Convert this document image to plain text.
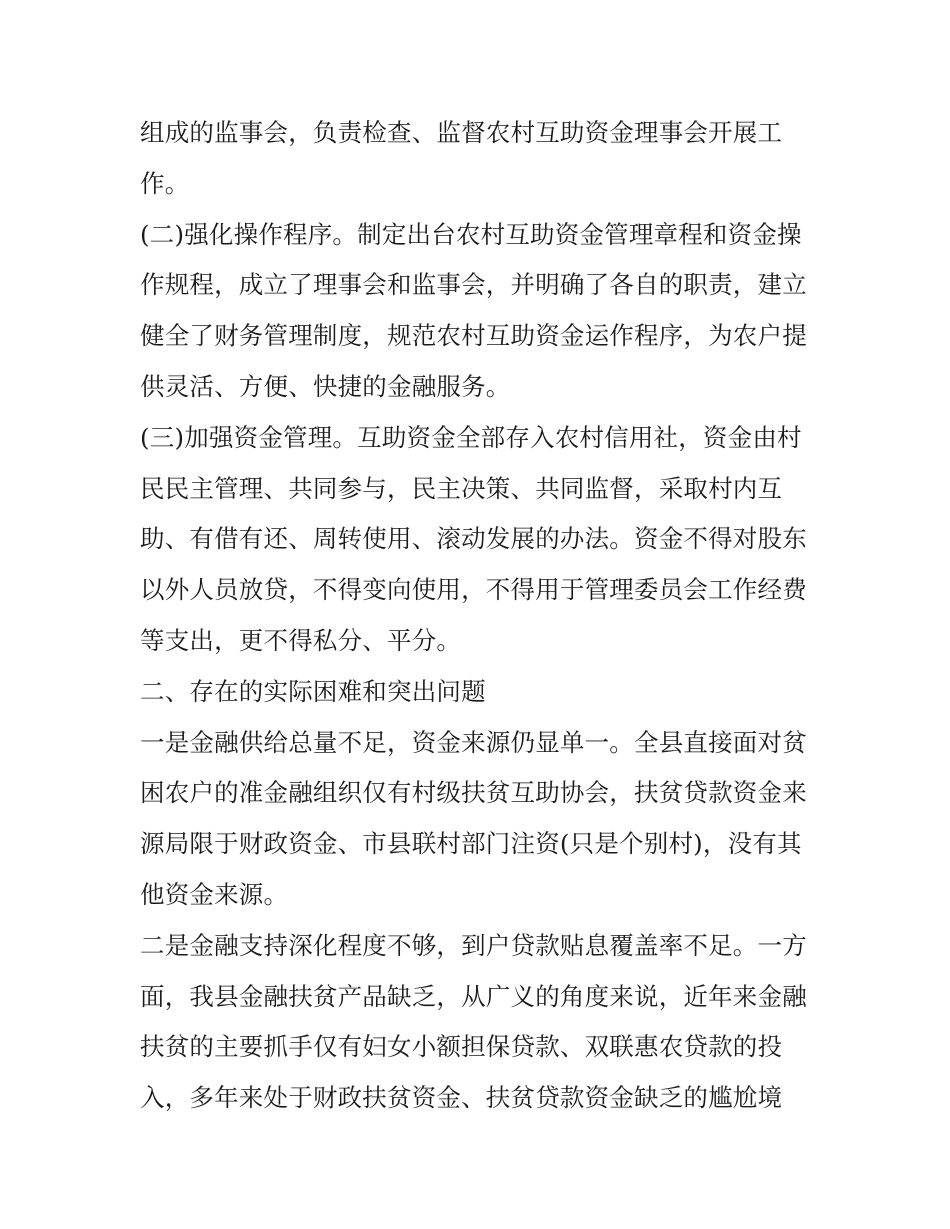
组成的监事会，负责检查、监督农村互助资金理事会开展工
作。
(二)强化操作程序。制定出台农村互助资金管理章程和资金操
作规程，成立了理事会和监事会，并明确了各自的职责，建立
健全了财务管理制度，规范农村互助资金运作程序，为农户提
供灵活、方便、快捷的金融服务。
(三)加强资金管理。互助资金全部存入农村信用社，资金由村
民民主管理、共同参与，民主决策、共同监督，采取村内互
助、有借有还、周转使用、滚动发展的办法。资金不得对股东
以外人员放贷，不得变向使用，不得用于管理委员会工作经费
等支出，更不得私分、平分。
二、存在的实际困难和突出问题
一是金融供给总量不足，资金来源仍显单一。全县直接面对贫
困农户的准金融组织仅有村级扶贫互助协会，扶贫贷款资金来
源局限于财政资金、市县联村部门注资(只是个别村)，没有其
他资金来源。
二是金融支持深化程度不够，到户贷款贴息覆盖率不足。一方
面，我县金融扶贫产品缺乏，从广义的角度来说，近年来金融
扶贫的主要抓手仅有妇女小额担保贷款、双联惠农贷款的投
入，多年来处于财政扶贫资金、扶贫贷款资金缺乏的尴尬境
